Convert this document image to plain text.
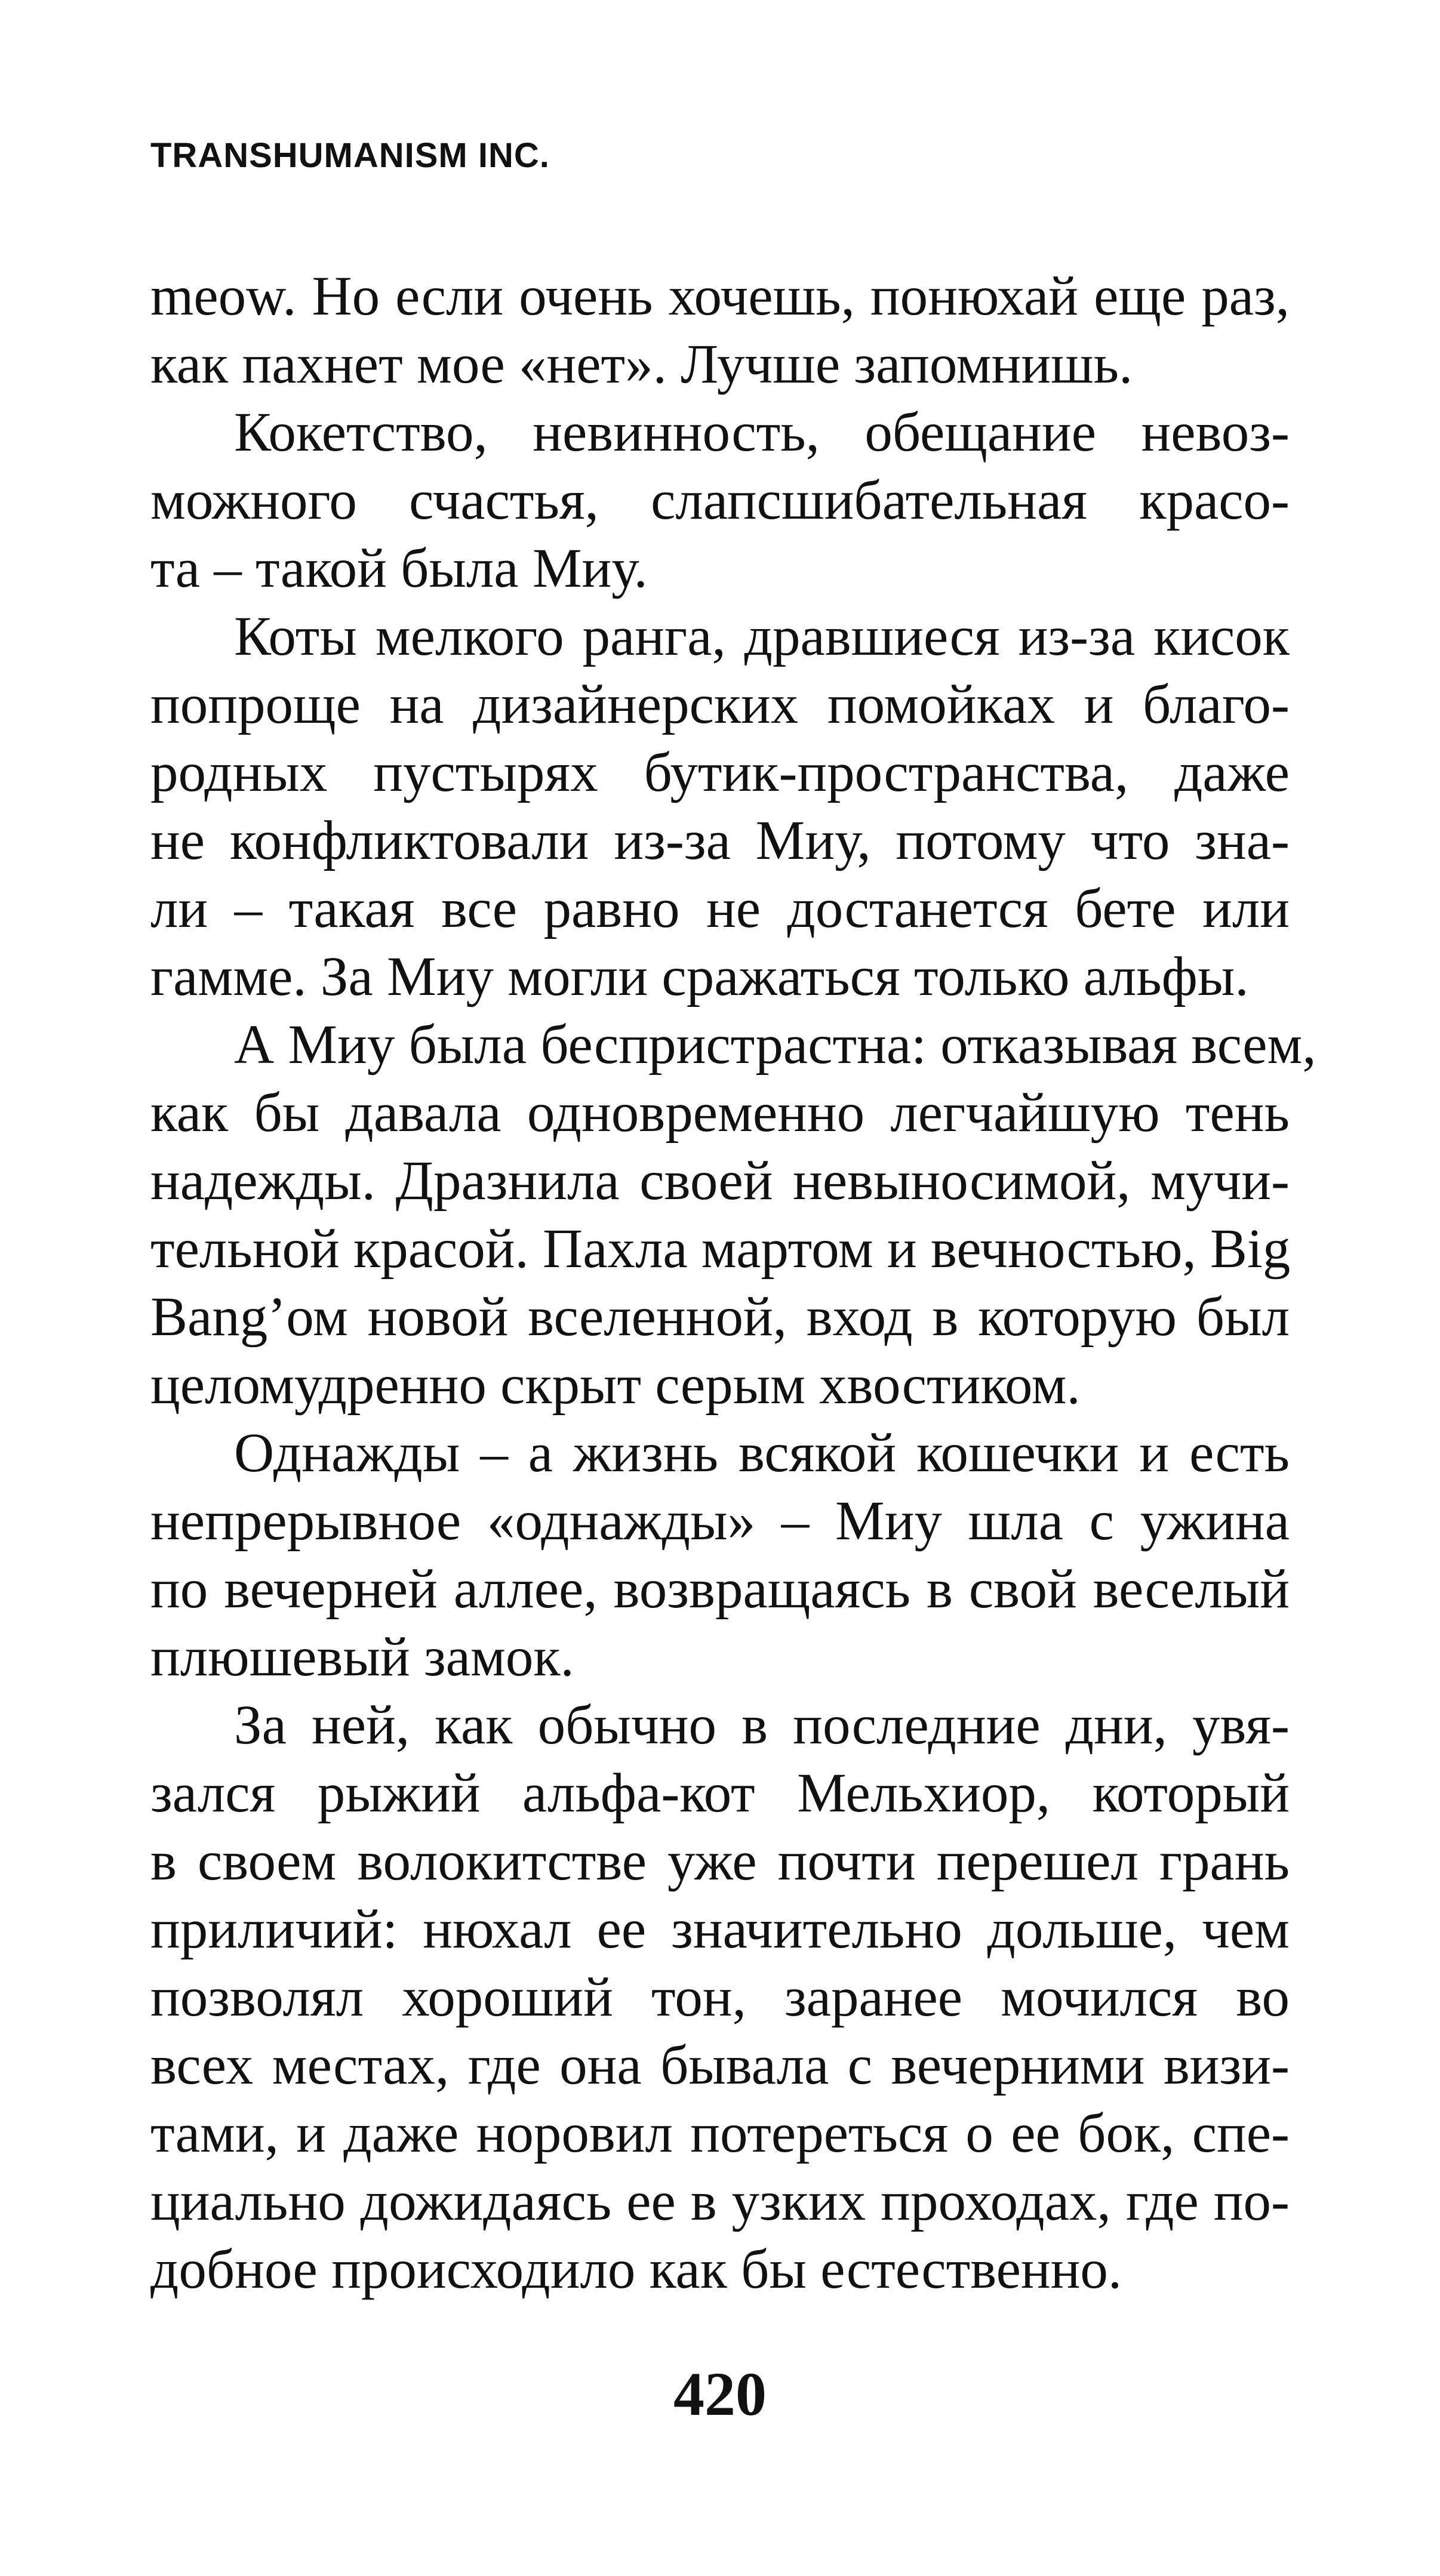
TRANSHUMANISM INC.
meow. Но если очень хочешь, понюхай еще раз,
как пахнет мое «нет». Лучше запомнишь.
Кокетство, невинность, обещание невоз-
можного счастья, слапсшибательная красо-
та – такой была Миу.
Коты мелкого ранга, дравшиеся из-за кисок
попроще на дизайнерских помойках и благо-
родных пустырях бутик-пространства, даже
не конфликтовали из-за Миу, потому что зна-
ли – такая все равно не достанется бете или
гамме. За Миу могли сражаться только альфы.
А Миу была беспристрастна: отказывая всем,
как бы давала одновременно легчайшую тень
надежды. Дразнила своей невыносимой, мучи-
тельной красой. Пахла мартом и вечностью, Big
Bang’ом новой вселенной, вход в которую был
целомудренно скрыт серым хвостиком.
Однажды – а жизнь всякой кошечки и есть
непрерывное «однажды» – Миу шла с ужина
по вечерней аллее, возвращаясь в свой веселый
плюшевый замок.
За ней, как обычно в последние дни, увя-
зался рыжий альфа-кот Мельхиор, который
в своем волокитстве уже почти перешел грань
приличий: нюхал ее значительно дольше, чем
позволял хороший тон, заранее мочился во
всех местах, где она бывала с вечерними визи-
тами, и даже норовил потереться о ее бок, спе-
циально дожидаясь ее в узких проходах, где по-
добное происходило как бы естественно.
420
